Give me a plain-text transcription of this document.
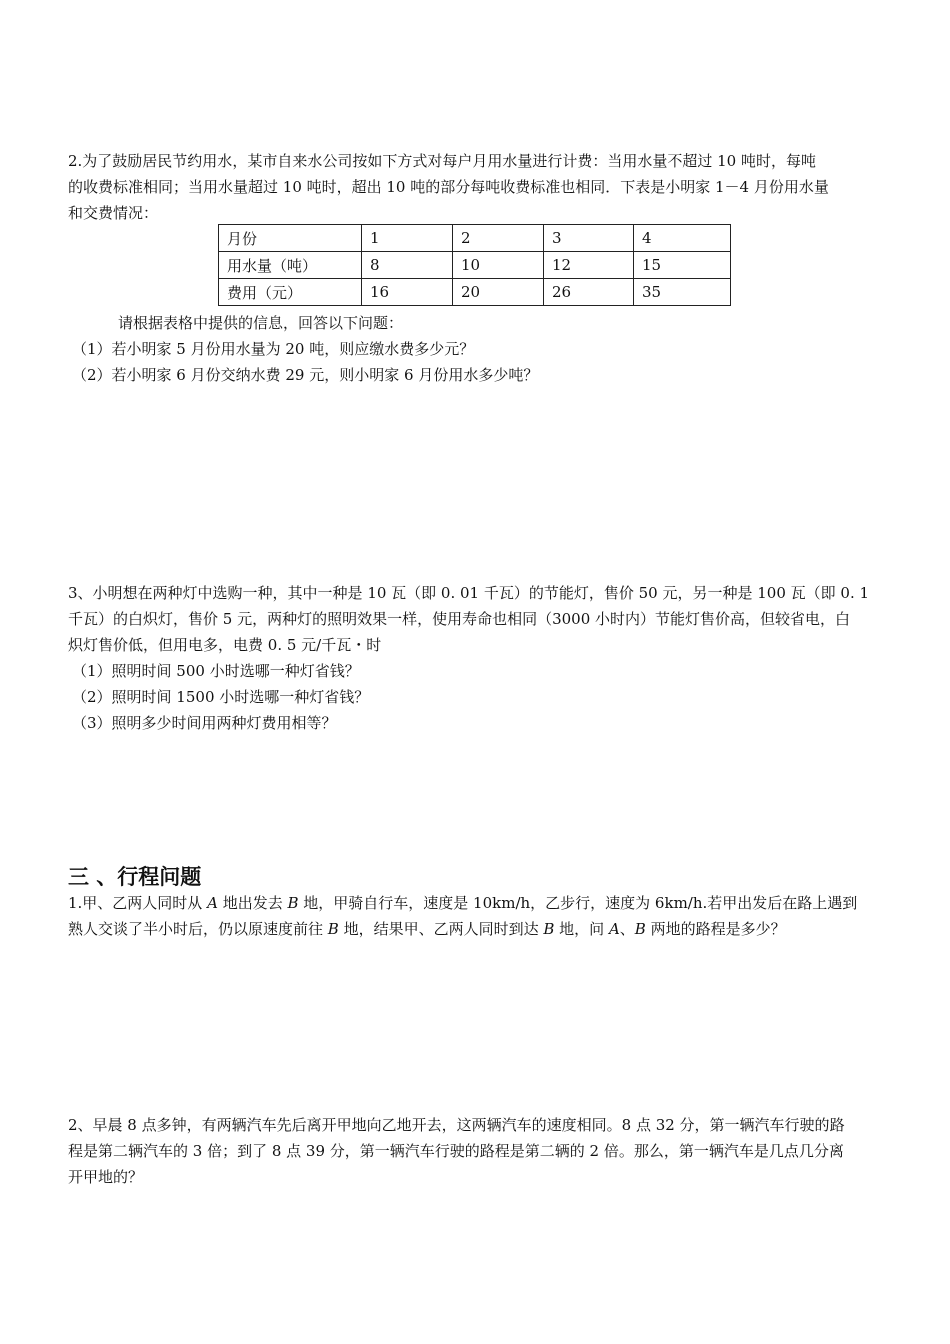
2.为了鼓励居民节约用水，某市自来水公司按如下方式对每户月用水量进行计费：当用水量不超过 10 吨时，每吨
的收费标准相同；当用水量超过 10 吨时，超出 10 吨的部分每吨收费标准也相同．下表是小明家 1－4 月份用水量
和交费情况：
月份	1	2	3	4
用水量（吨）	8	10	12	15
费用（元）	16	20	26	35
请根据表格中提供的信息，回答以下问题：
（1）若小明家 5 月份用水量为 20 吨，则应缴水费多少元？
（2）若小明家 6 月份交纳水费 29 元，则小明家 6 月份用水多少吨？
3、小明想在两种灯中选购一种，其中一种是 10 瓦（即 0. 01 千瓦）的节能灯，售价 50 元，另一种是 100 瓦（即 0. 1
千瓦）的白炽灯，售价 5 元，两种灯的照明效果一样，使用寿命也相同（3000 小时内）节能灯售价高，但较省电，白
炽灯售价低，但用电多，电费 0. 5 元/千瓦・时
（1）照明时间 500 小时选哪一种灯省钱？
（2）照明时间 1500 小时选哪一种灯省钱？
（3）照明多少时间用两种灯费用相等？
三 、行程问题
1.甲、乙两人同时从 A 地出发去 B 地，甲骑自行车，速度是 10km/h，乙步行，速度为 6km/h.若甲出发后在路上遇到
熟人交谈了半小时后，仍以原速度前往 B 地，结果甲、乙两人同时到达 B 地，问 A、B 两地的路程是多少？
2、早晨 8 点多钟，有两辆汽车先后离开甲地向乙地开去，这两辆汽车的速度相同。8 点 32 分，第一辆汽车行驶的路
程是第二辆汽车的 3 倍；到了 8 点 39 分，第一辆汽车行驶的路程是第二辆的 2 倍。那么，第一辆汽车是几点几分离
开甲地的？
